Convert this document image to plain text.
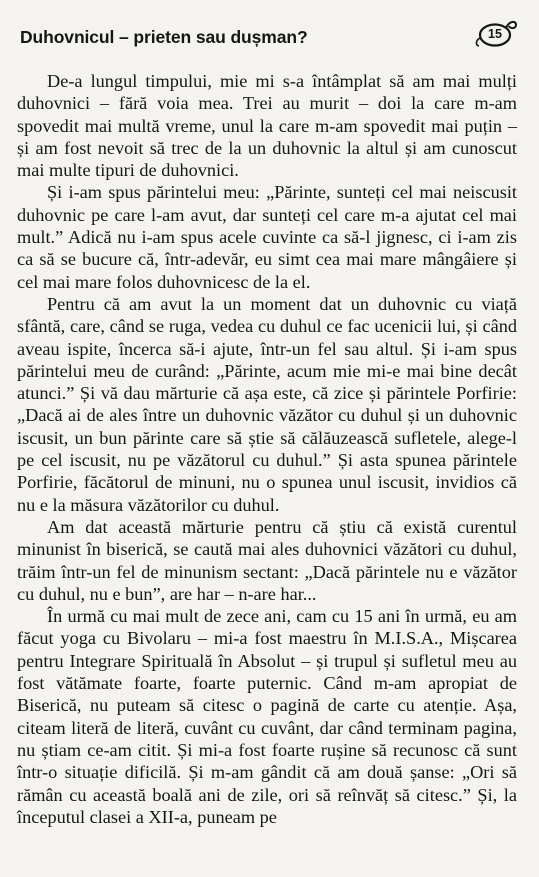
Duhovnicul – prieten sau dușman?	15

De-a lungul timpului, mie mi s-a întâmplat să am mai mulți duhovnici – fără voia mea. Trei au murit – doi la care m-am spovedit mai multă vreme, unul la care m-am spovedit mai puțin – și am fost nevoit să trec de la un duhovnic la altul și am cunoscut mai multe tipuri de duhovnici.

Și i-am spus părintelui meu: „Părinte, sunteți cel mai neiscusit duhovnic pe care l-am avut, dar sunteți cel care m-a ajutat cel mai mult.” Adică nu i-am spus acele cuvinte ca să-l jignesc, ci i-am zis ca să se bucure că, într-adevăr, eu simt cea mai mare mângâiere și cel mai mare folos duhovnicesc de la el.

Pentru că am avut la un moment dat un duhovnic cu viață sfântă, care, când se ruga, vedea cu duhul ce fac ucenicii lui, și când aveau ispite, încerca să-i ajute, într-un fel sau altul. Și i-am spus părintelui meu de curând: „Părinte, acum mie mi-e mai bine decât atunci.” Și vă dau mărturie că așa este, că zice și părintele Porfirie: „Dacă ai de ales între un duhovnic văzător cu duhul și un duhovnic iscusit, un bun părinte care să știe să călăuzească sufletele, alege-l pe cel iscusit, nu pe văzătorul cu duhul.” Și asta spunea părintele Porfirie, făcătorul de minuni, nu o spunea unul iscusit, invidios că nu e la măsura văzătorilor cu duhul.

Am dat această mărturie pentru că știu că există curentul minunist în biserică, se caută mai ales duhovnici văzători cu duhul, trăim într-un fel de minunism sectant: „Dacă părintele nu e văzător cu duhul, nu e bun”, are har – n-are har...

În urmă cu mai mult de zece ani, cam cu 15 ani în urmă, eu am făcut yoga cu Bivolaru – mi-a fost maestru în M.I.S.A., Mișcarea pentru Integrare Spirituală în Absolut – și trupul și sufletul meu au fost vătămate foarte, foarte puternic. Când m-am apropiat de Biserică, nu puteam să citesc o pagină de carte cu atenție. Așa, citeam literă de literă, cuvânt cu cuvânt, dar când terminam pagina, nu știam ce-am citit. Și mi-a fost foarte rușine să recunosc că sunt într-o situație dificilă. Și m-am gândit că am două șanse: „Ori să rămân cu această boală ani de zile, ori să reînvăț să citesc.” Și, la începutul clasei a XII-a, puneam pe
